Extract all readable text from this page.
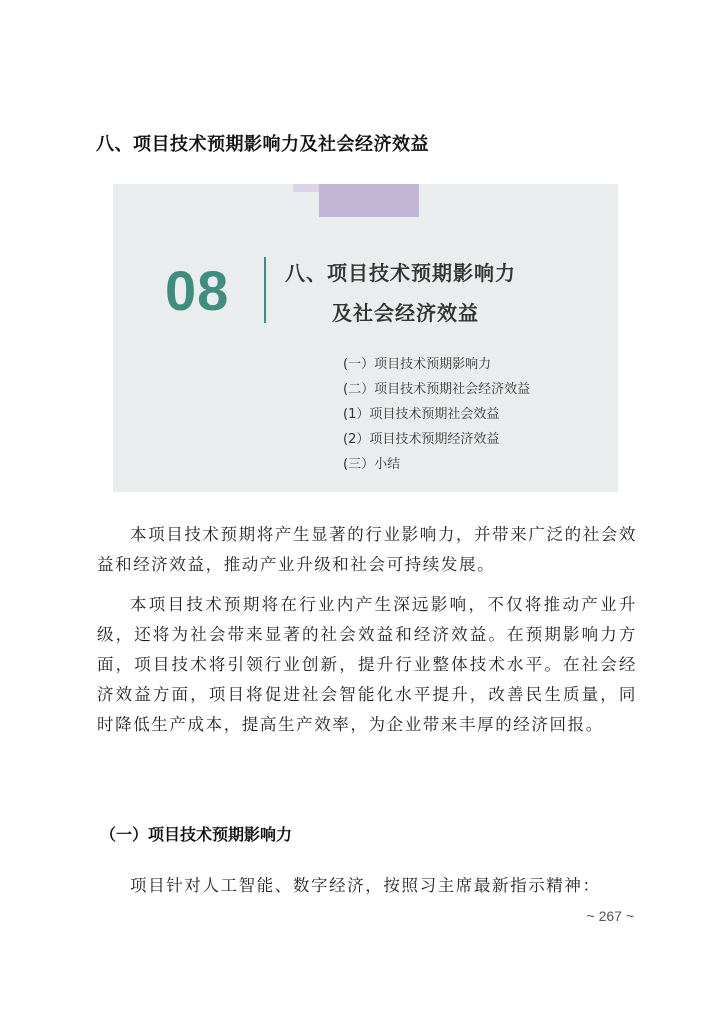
八、项目技术预期影响力及社会经济效益
08	八、项目技术预期影响力
及社会经济效益
(一）项目技术预期影响力
(二）项目技术预期社会经济效益
(1）项目技术预期社会效益
(2）项目技术预期经济效益
(三）小结

本项目技术预期将产生显著的行业影响力，并带来广泛的社会效益和经济效益，推动产业升级和社会可持续发展。

本项目技术预期将在行业内产生深远影响，不仅将推动产业升级，还将为社会带来显著的社会效益和经济效益。在预期影响力方面，项目技术将引领行业创新，提升行业整体技术水平。在社会经济效益方面，项目将促进社会智能化水平提升，改善民生质量，同时降低生产成本，提高生产效率，为企业带来丰厚的经济回报。

（一）项目技术预期影响力

项目针对人工智能、数字经济，按照习主席最新指示精神：

~ 267 ~
